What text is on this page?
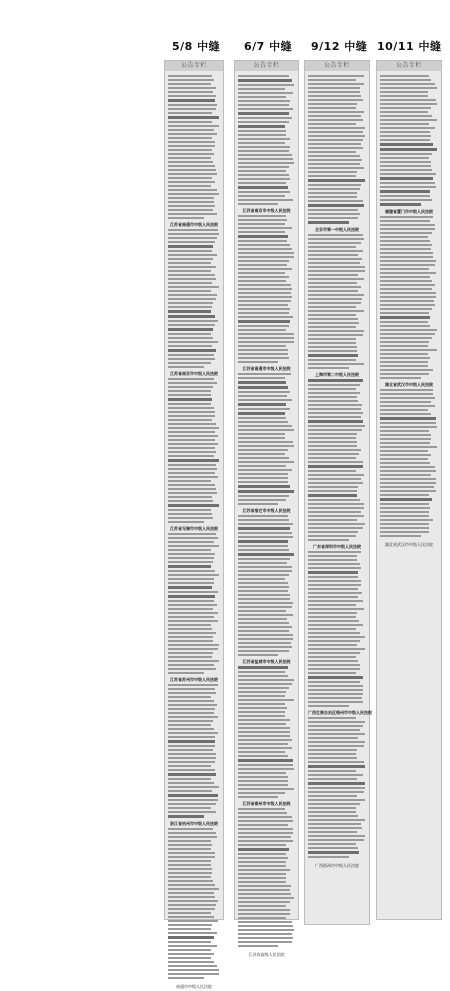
5/8 中缝 6/7 中缝 9/12 中缝 10/11 中缝
公告专栏
江苏省南通市中级人民法院
江苏省南京市中级人民法院
江苏省无锡市中级人民法院
江苏省苏州市中级人民法院
浙江省杭州市中级人民法院
南通市中级人民法院
公告专栏
江苏省南京市中级人民法院
江苏省南通市中级人民法院
江苏省宿迁市中级人民法院
江苏省盐城市中级人民法院
江苏省泰州市中级人民法院
江苏省高级人民法院
公告专栏
北京市第一中级人民法院
上海市第二中级人民法院
广东省深圳市中级人民法院
广西壮族自治区梧州市中级人民法院
广西梧州市中级人民法院
公告专栏
福建省厦门市中级人民法院
湖北省武汉市中级人民法院
湖北省武汉市中级人民法院
